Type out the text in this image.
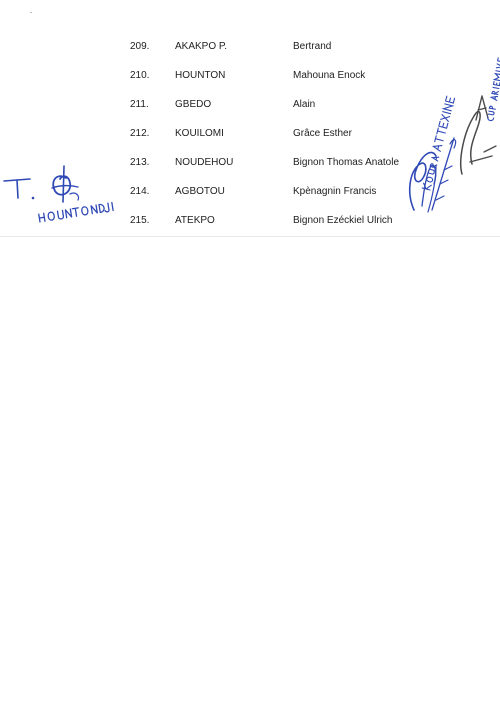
209.	AKAKPO P.	Bertrand
210.	HOUNTON	Mahouna Enock
211.	GBEDO	Alain
212.	KOUILOMI	Grâce Esther
213.	NOUDEHOU	Bignon Thomas Anatole
214.	AGBOTOU	Kpènagnin Francis
215.	ATEKPO	Bignon Ezéckiel Ulrich
